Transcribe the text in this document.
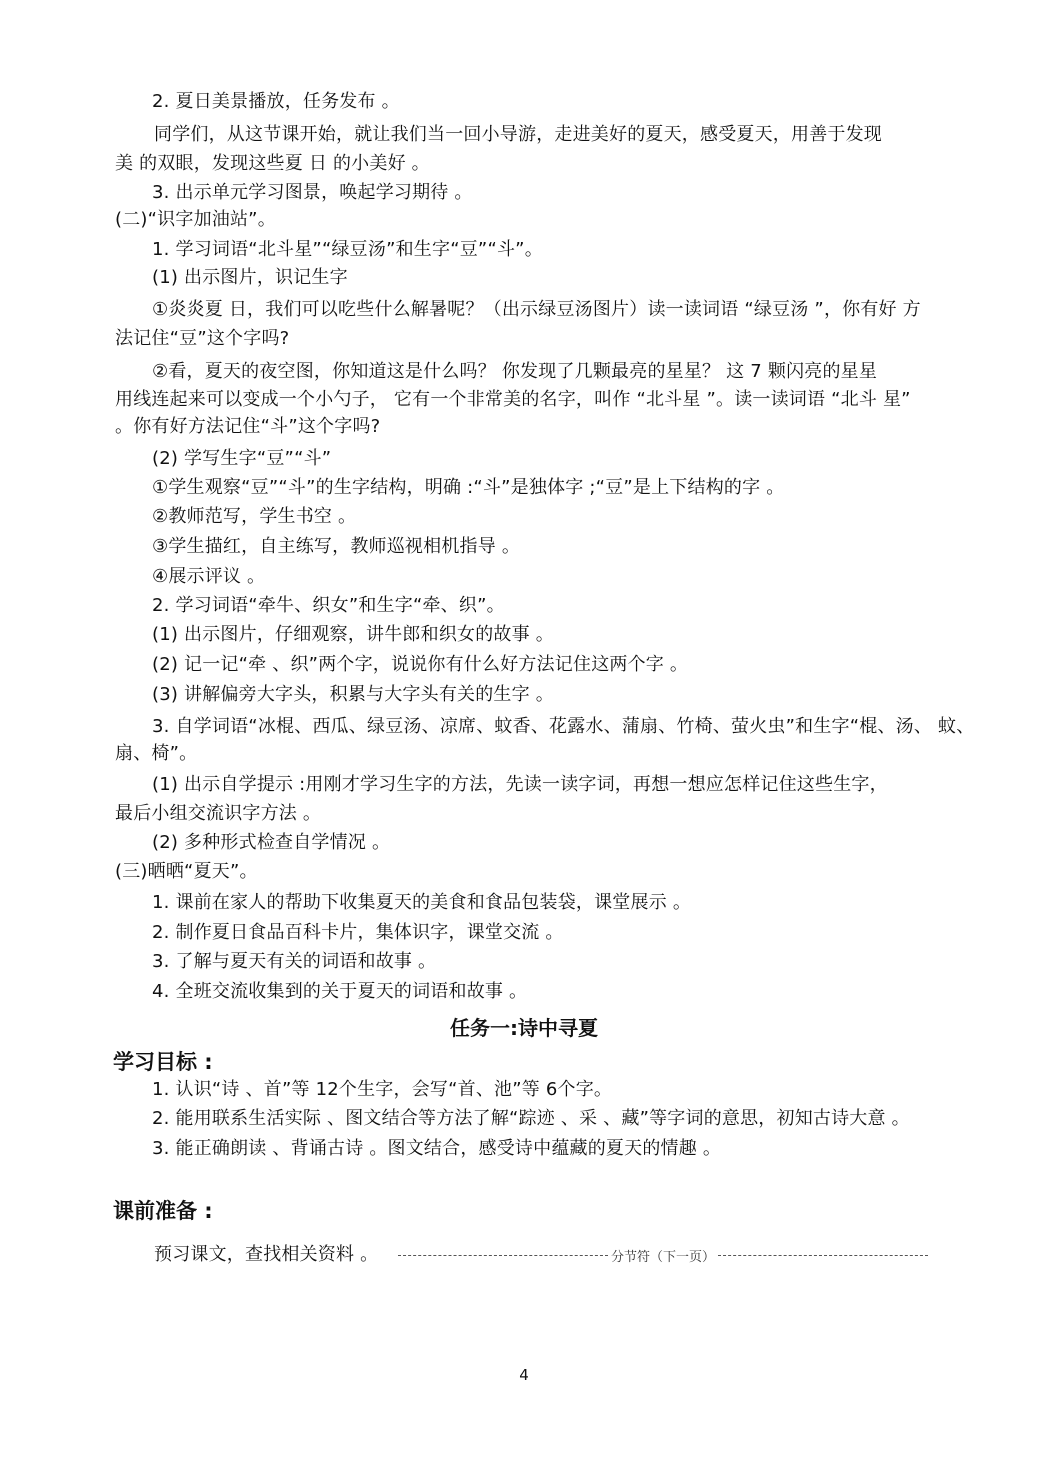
2. 夏日美景播放，任务发布 。
同学们，从这节课开始，就让我们当一回小导游，走进美好的夏天，感受夏天，用善于发现
美 的双眼，发现这些夏 日 的小美好 。
3. 出示单元学习图景，唤起学习期待 。
(二)“识字加油站”。
1. 学习词语“北斗星”“绿豆汤”和生字“豆”“斗”。
(1) 出示图片，识记生字
①炎炎夏 日，我们可以吃些什么解暑呢？（出示绿豆汤图片）读一读词语 “绿豆汤 ”，你有好 方
法记住“豆”这个字吗?
②看，夏天的夜空图，你知道这是什么吗？ 你发现了几颗最亮的星星？ 这 7 颗闪亮的星星
用线连起来可以变成一个小勺子， 它有一个非常美的名字，叫作 “北斗星 ”。读一读词语 “北斗 星”
。你有好方法记住“斗”这个字吗?
(2) 学写生字“豆”“斗”
①学生观察“豆”“斗”的生字结构，明确 :“斗”是独体字 ;“豆”是上下结构的字 。
②教师范写，学生书空 。
③学生描红，自主练写，教师巡视相机指导 。
④展示评议 。
2. 学习词语“牵牛、织女”和生字“牵、织”。
(1) 出示图片，仔细观察，讲牛郎和织女的故事 。
(2) 记一记“牵 、织”两个字，说说你有什么好方法记住这两个字 。
(3) 讲解偏旁大字头，积累与大字头有关的生字 。
3. 自学词语“冰棍、西瓜、绿豆汤、凉席、蚊香、花露水、蒲扇、竹椅、萤火虫”和生字“棍、汤、 蚊、
扇、椅”。
(1) 出示自学提示 :用刚才学习生字的方法，先读一读字词，再想一想应怎样记住这些生字，
最后小组交流识字方法 。
(2) 多种形式检查自学情况 。
(三)晒晒“夏天”。
1. 课前在家人的帮助下收集夏天的美食和食品包装袋，课堂展示 。
2. 制作夏日食品百科卡片，集体识字，课堂交流 。
3. 了解与夏天有关的词语和故事 。
4. 全班交流收集到的关于夏天的词语和故事 。
任务一:诗中寻夏
学习目标 :
1. 认识“诗 、首”等 12个生字，会写“首、池”等 6个字。
2. 能用联系生活实际 、图文结合等方法了解“踪迹 、采 、藏”等字词的意思，初知古诗大意 。
3. 能正确朗读 、背诵古诗 。图文结合，感受诗中蕴藏的夏天的情趣 。
课前准备 :
预习课文，查找相关资料 。	分节符（下一页）
4
